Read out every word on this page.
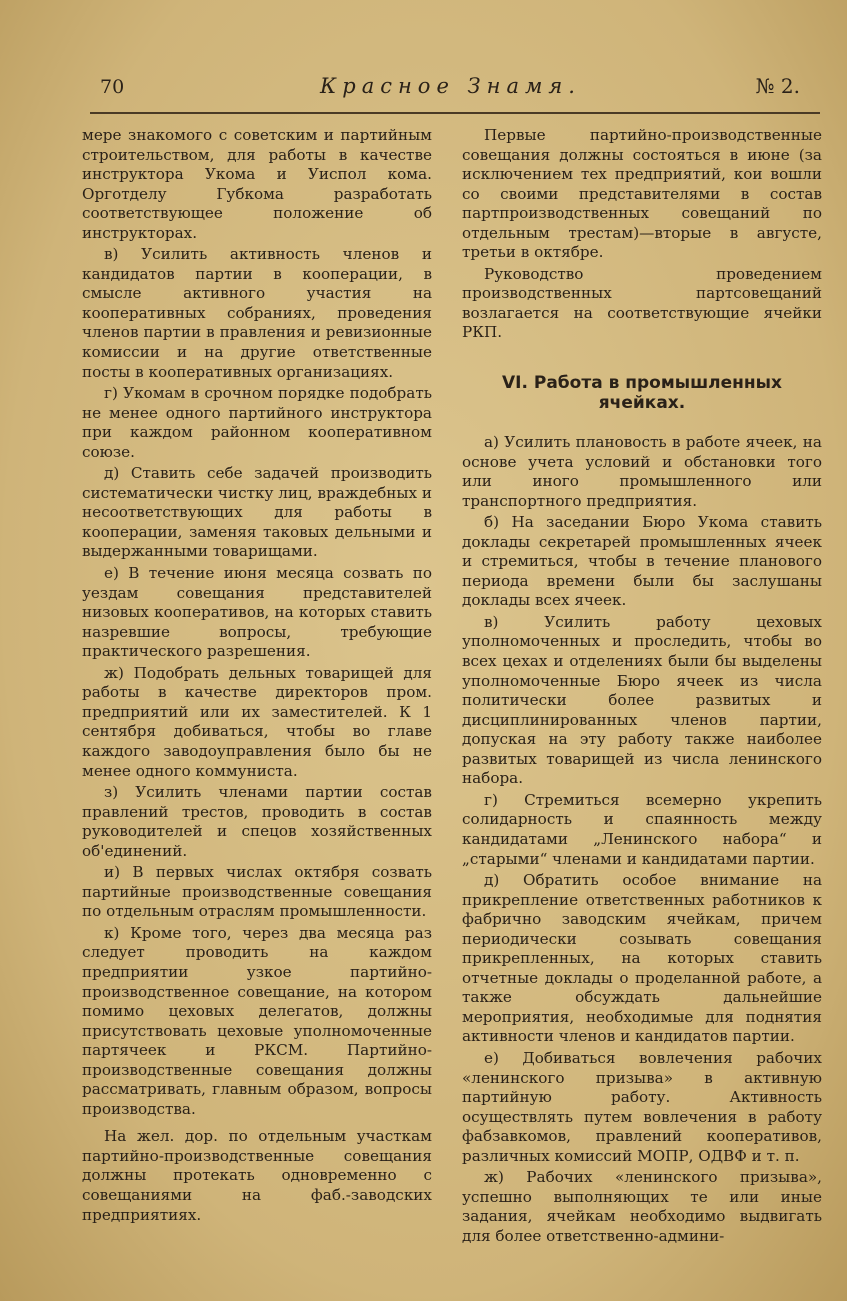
70	Красное Знамя.	№ 2.

мере знакомого с советским и партийным строительством, для работы в качестве инструктора Укома и Уиспол кома. Орготделу Губкома разработать соответствующее положение об инструкторах.

в) Усилить активность членов и кандидатов партии в кооперации, в смысле активного участия на кооперативных собраниях, проведения членов партии в правления и ревизионные комиссии и на другие ответственные посты в кооперативных организациях.

г) Укомам в срочном порядке подобрать не менее одного партийного инструктора при каждом районном кооперативном союзе.

д) Ставить себе задачей производить систематически чистку лиц, враждебных и несоответствующих для работы в кооперации, заменяя таковых дельными и выдержанными товарищами.

е) В течение июня месяца созвать по уездам совещания представителей низовых кооперативов, на которых ставить назревшие вопросы, требующие практического разрешения.

ж) Подобрать дельных товарищей для работы в качестве директоров пром. предприятий или их заместителей. К 1 сентября добиваться, чтобы во главе каждого заводоуправления было бы не менее одного коммуниста.

з) Усилить членами партии состав правлений трестов, проводить в состав руководителей и спецов хозяйственных об'единений.

и) В первых числах октября созвать партийные производственные совещания по отдельным отраслям промышленности.

к) Кроме того, через два месяца раз следует проводить на каждом предприятии узкое партийно-производственное совещание, на котором помимо цеховых делегатов, должны присутствовать цеховые уполномоченные партячеек и РКСМ. Партийно-производственные совещания должны рассматривать, главным образом, вопросы производства.

На жел. дор. по отдельным участкам партийно-производственные совещания должны протекать одновременно с совещаниями на фаб.-заводских предприятиях.

Первые партийно-производственные совещания должны состояться в июне (за исключением тех предприятий, кои вошли со своими представителями в состав партпроизводственных совещаний по отдельным трестам)—вторые в августе, третьи в октябре.

Руководство проведением производственных партсовещаний возлагается на соответствующие ячейки РКП.

VI. Работа в промышленных ячейках.

а) Усилить плановость в работе ячеек, на основе учета условий и обстановки того или иного промышленного или транспортного предприятия.

б) На заседании Бюро Укома ставить доклады секретарей промышленных ячеек и стремиться, чтобы в течение планового периода времени были бы заслушаны доклады всех ячеек.

в) Усилить работу цеховых уполномоченных и проследить, чтобы во всех цехах и отделениях были бы выделены уполномоченные Бюро ячеек из числа политически более развитых и дисциплинированных членов партии, допуская на эту работу также наиболее развитых товарищей из числа ленинского набора.

г) Стремиться всемерно укрепить солидарность и спаянность между кандидатами „Ленинского набора“ и „старыми“ членами и кандидатами партии.

д) Обратить особое внимание на прикрепление ответственных работников к фабрично заводским ячейкам, причем периодически созывать совещания прикрепленных, на которых ставить отчетные доклады о проделанной работе, а также обсуждать дальнейшие мероприятия, необходимые для поднятия активности членов и кандидатов партии.

е) Добиваться вовлечения рабочих «ленинского призыва» в активную партийную работу. Активность осуществлять путем вовлечения в работу фабзавкомов, правлений кооперативов, различных комиссий МОПР, ОДВФ и т. п.

ж) Рабочих «ленинского призыва», успешно выполняющих те или иные задания, ячейкам необходимо выдвигать для более ответственно-админи-
